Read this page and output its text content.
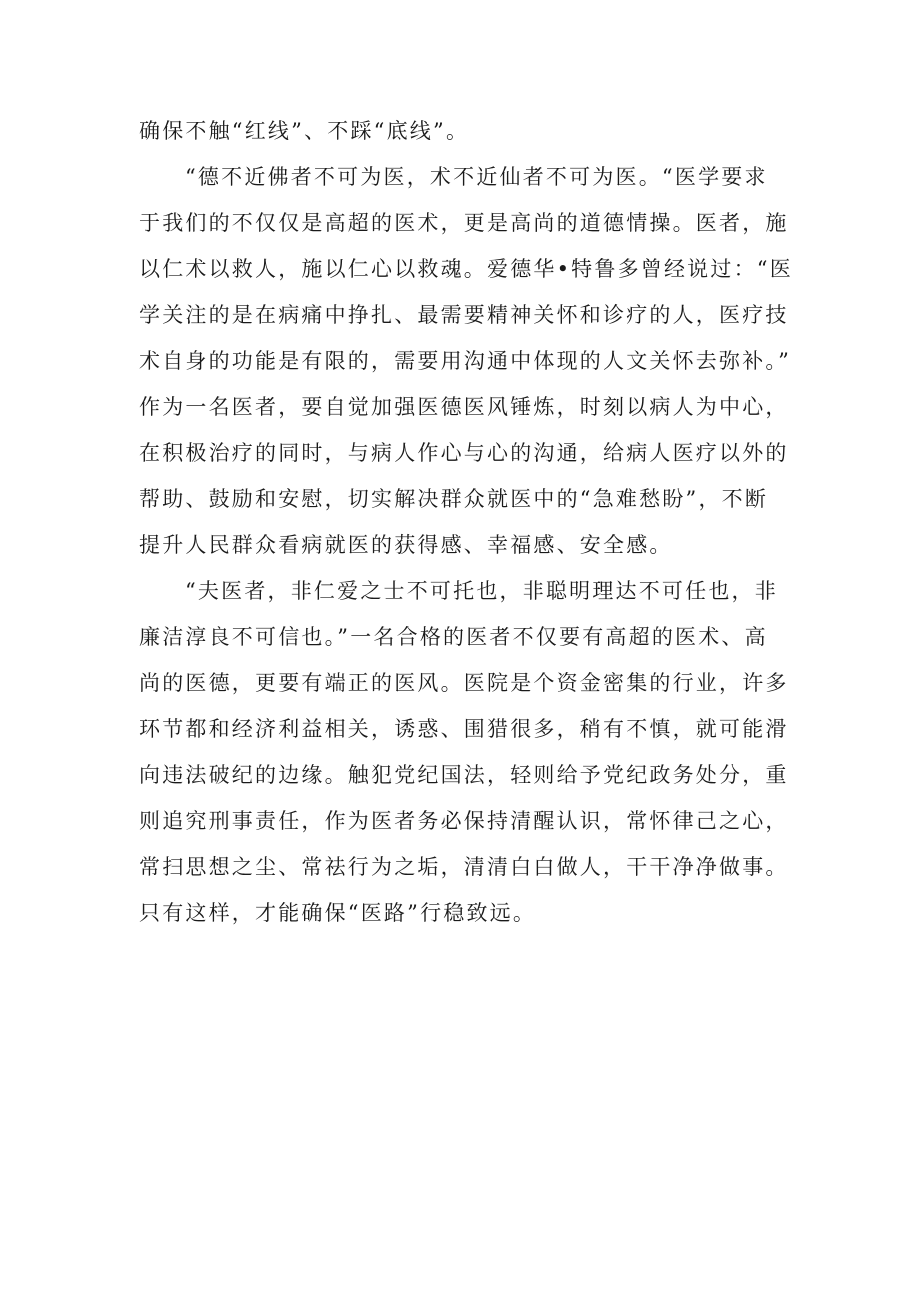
确保不触“红线”、不踩“底线”。
“德不近佛者不可为医，术不近仙者不可为医。“医学要求
于我们的不仅仅是高超的医术，更是高尚的道德情操。医者，施
以仁术以救人，施以仁心以救魂。爱德华•特鲁多曾经说过：“医
学关注的是在病痛中挣扎、最需要精神关怀和诊疗的人，医疗技
术自身的功能是有限的，需要用沟通中体现的人文关怀去弥补。”
作为一名医者，要自觉加强医德医风锤炼，时刻以病人为中心，
在积极治疗的同时，与病人作心与心的沟通，给病人医疗以外的
帮助、鼓励和安慰，切实解决群众就医中的“急难愁盼”，不断
提升人民群众看病就医的获得感、幸福感、安全感。
“夫医者，非仁爱之士不可托也，非聪明理达不可任也，非
廉洁淳良不可信也。”一名合格的医者不仅要有高超的医术、高
尚的医德，更要有端正的医风。医院是个资金密集的行业，许多
环节都和经济利益相关，诱惑、围猎很多，稍有不慎，就可能滑
向违法破纪的边缘。触犯党纪国法，轻则给予党纪政务处分，重
则追究刑事责任，作为医者务必保持清醒认识，常怀律己之心，
常扫思想之尘、常祛行为之垢，清清白白做人，干干净净做事。
只有这样，才能确保“医路”行稳致远。
